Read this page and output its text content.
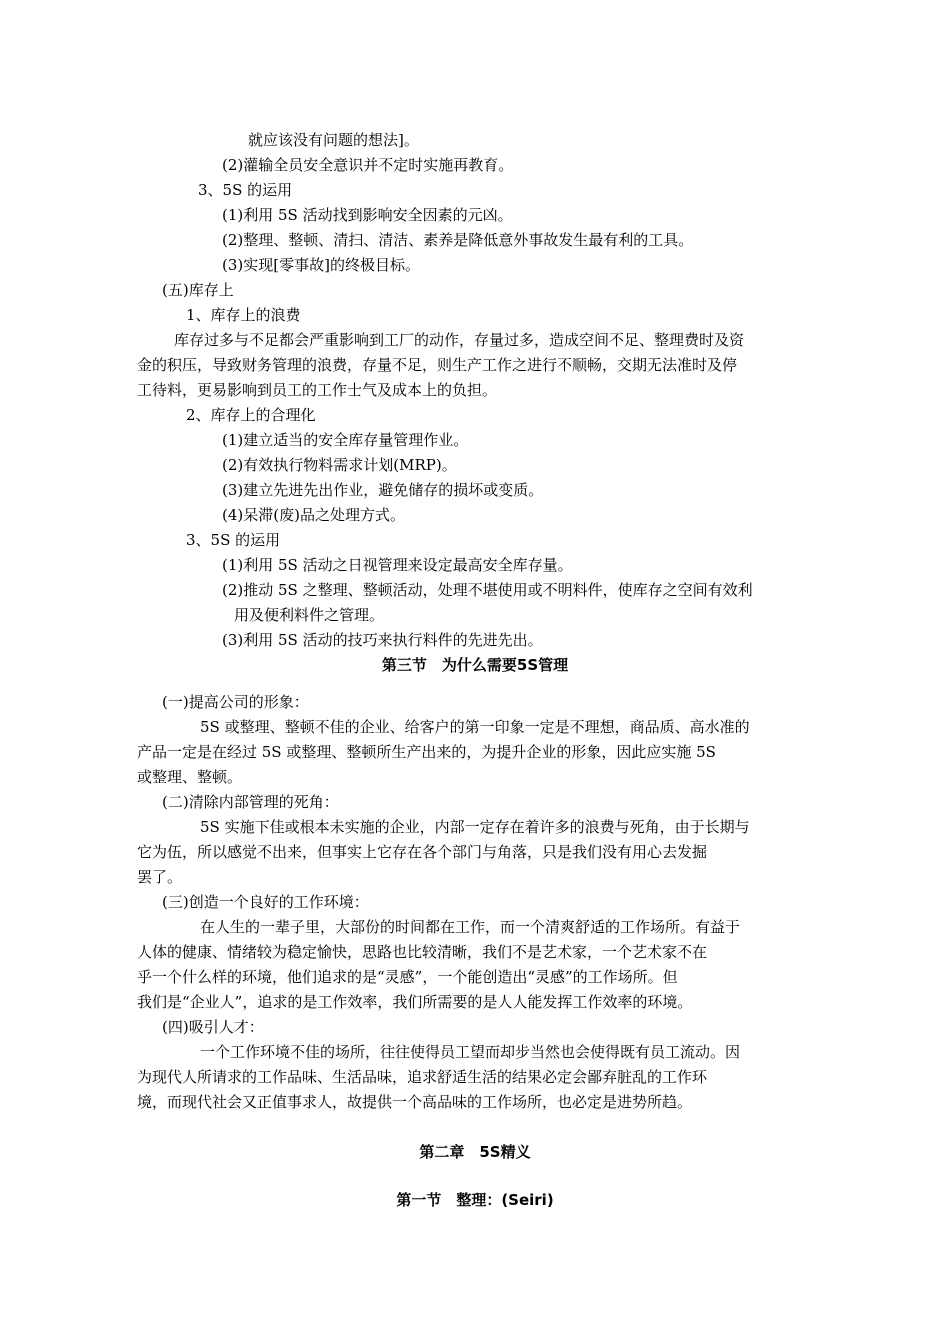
就应该没有问题的想法]。
(2)灌输全员安全意识并不定时实施再教育。
3、5S 的运用
(1)利用 5S 活动找到影响安全因素的元凶。
(2)整理、整顿、清扫、清洁、素养是降低意外事故发生最有利的工具。
(3)实现[零事故]的终极目标。
(五)库存上
1、库存上的浪费
库存过多与不足都会严重影响到工厂的动作，存量过多，造成空间不足、整理费时及资
金的积压，导致财务管理的浪费，存量不足，则生产工作之进行不顺畅，交期无法准时及停
工待料，更易影响到员工的工作士气及成本上的负担。
2、库存上的合理化
(1)建立适当的安全库存量管理作业。
(2)有效执行物料需求计划(MRP)。
(3)建立先进先出作业，避免储存的损坏或变质。
(4)呆滞(废)品之处理方式。
3、5S 的运用
(1)利用 5S 活动之日视管理来设定最高安全库存量。
(2)推动 5S 之整理、整顿活动，处理不堪使用或不明料件，使库存之空间有效利
用及便利料件之管理。
(3)利用 5S 活动的技巧来执行料件的先进先出。
第三节　为什么需要5S管理
(一)提高公司的形象：
5S 或整理、整顿不佳的企业、给客户的第一印象一定是不理想，商品质、高水准的
产品一定是在经过 5S 或整理、整顿所生产出来的，为提升企业的形象，因此应实施 5S
或整理、整顿。
(二)清除内部管理的死角：
5S 实施下佳或根本未实施的企业，内部一定存在着许多的浪费与死角，由于长期与
它为伍，所以感觉不出来，但事实上它存在各个部门与角落，只是我们没有用心去发掘
罢了。
(三)创造一个良好的工作环境：
在人生的一辈子里，大部份的时间都在工作，而一个清爽舒适的工作场所。有益于
人体的健康、情绪较为稳定愉快，思路也比较清晰，我们不是艺术家，一个艺术家不在
乎一个什么样的环境，他们追求的是“灵感”，一个能创造出“灵感”的工作场所。但
我们是“企业人”，追求的是工作效率，我们所需要的是人人能发挥工作效率的环境。
(四)吸引人才：
一个工作环境不佳的场所，往往使得员工望而却步当然也会使得既有员工流动。因
为现代人所请求的工作品味、生活品味，追求舒适生活的结果必定会鄙弃脏乱的工作环
境，而现代社会又正值事求人，故提供一个高品味的工作场所，也必定是进势所趋。
第二章　5S精义
第一节　整理：(Seiri)
